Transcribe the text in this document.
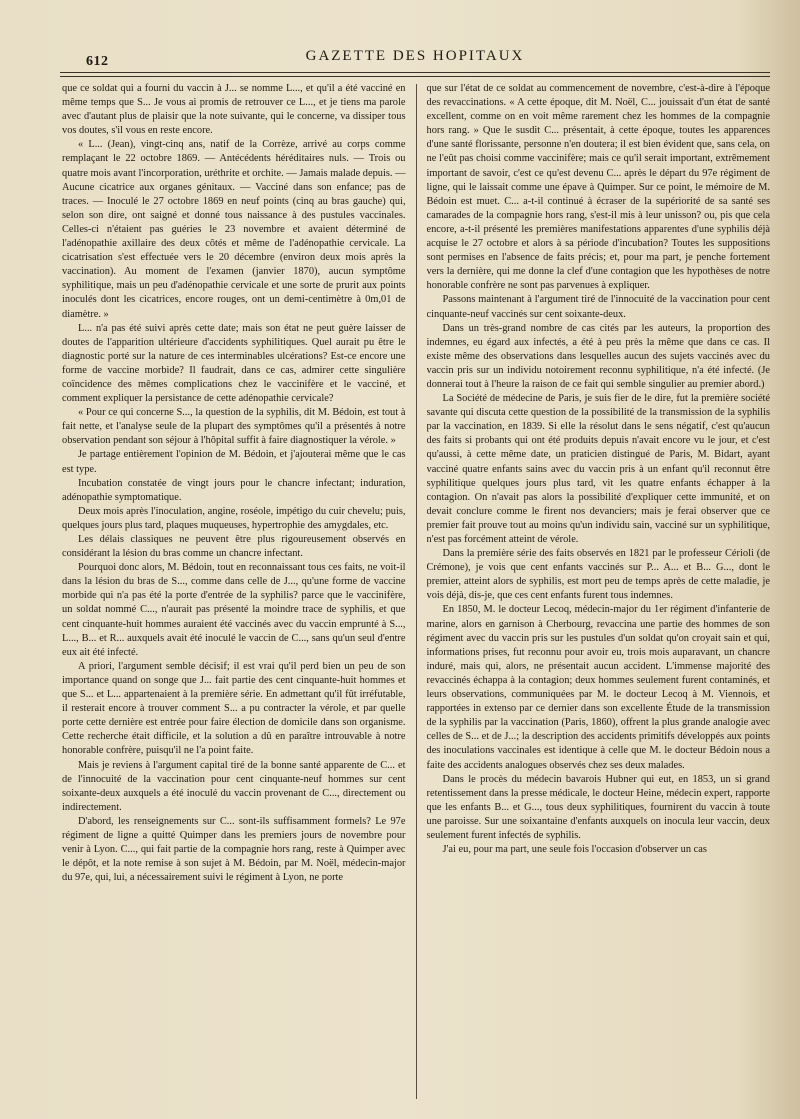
612	GAZETTE DES HOPITAUX

que ce soldat qui a fourni du vaccin à J... se nomme L..., et qu'il a été vacciné en même temps que S... Je vous ai promis de retrouver ce L..., et je tiens ma parole avec d'autant plus de plaisir que la note suivante, qui le concerne, va dissiper tous vos doutes, s'il vous en reste encore.

« L... (Jean), vingt-cinq ans, natif de la Corrèze, arrivé au corps comme remplaçant le 22 octobre 1869. — Antécédents héréditaires nuls. — Trois ou quatre mois avant l'incorporation, uréthrite et orchite. — Jamais malade depuis. — Aucune cicatrice aux organes génitaux. — Vacciné dans son enfance; pas de traces. — Inoculé le 27 octobre 1869 en neuf points (cinq au bras gauche) qui, selon son dire, ont saigné et donné tous naissance à des pustules vaccinales. Celles-ci n'étaient pas guéries le 23 novembre et avaient déterminé de l'adénopathie axillaire des deux côtés et même de l'adénopathie cervicale. La cicatrisation s'est effectuée vers le 20 décembre (environ deux mois après la vaccination). Au moment de l'examen (janvier 1870), aucun symptôme syphilitique, mais un peu d'adénopathie cervicale et une sorte de prurit aux points inoculés dont les cicatrices, encore rouges, ont un demi-centimètre à 0m,01 de diamètre. »

L... n'a pas été suivi après cette date; mais son état ne peut guère laisser de doutes de l'apparition ultérieure d'accidents syphilitiques. Quel aurait pu être le diagnostic porté sur la nature de ces interminables ulcérations? Est-ce encore une forme de vaccine morbide? Il faudrait, dans ce cas, admirer cette singulière coïncidence des mêmes complications chez le vaccinifère et le vacciné, et comment expliquer la persistance de cette adénopathie cervicale?

« Pour ce qui concerne S..., la question de la syphilis, dit M. Bédoin, est tout à fait nette, et l'analyse seule de la plupart des symptômes qu'il a présentés à notre observation pendant son séjour à l'hôpital suffit à faire diagnostiquer la vérole. »

Je partage entièrement l'opinion de M. Bédoin, et j'ajouterai même que le cas est type.

Incubation constatée de vingt jours pour le chancre infectant; induration, adénopathie symptomatique.

Deux mois après l'inoculation, angine, roséole, impétigo du cuir chevelu; puis, quelques jours plus tard, plaques muqueuses, hypertrophie des amygdales, etc.

Les délais classiques ne peuvent être plus rigoureusement observés en considérant la lésion du bras comme un chancre infectant.

Pourquoi donc alors, M. Bédoin, tout en reconnaissant tous ces faits, ne voit-il dans la lésion du bras de S..., comme dans celle de J..., qu'une forme de vaccine morbide qui n'a pas été la porte d'entrée de la syphilis? parce que le vaccinifère, un soldat nommé C..., n'aurait pas présenté la moindre trace de syphilis, et que cent cinquante-huit hommes auraient été vaccinés avec du vaccin emprunté à S..., L..., B... et R... auxquels avait été inoculé le vaccin de C..., sans qu'un seul d'entre eux ait été infecté.

A priori, l'argument semble décisif; il est vrai qu'il perd bien un peu de son importance quand on songe que J... fait partie des cent cinquante-huit hommes et que S... et L... appartenaient à la première série. En admettant qu'il fût irréfutable, il resterait encore à trouver comment S... a pu contracter la vérole, et par quelle porte cette dernière est entrée pour faire élection de domicile dans son organisme. Cette recherche était difficile, et la solution a dû en paraître introuvable à notre honorable confrère, puisqu'il ne l'a point faite.

Mais je reviens à l'argument capital tiré de la bonne santé apparente de C... et de l'innocuité de la vaccination pour cent cinquante-neuf hommes sur cent soixante-deux auxquels a été inoculé du vaccin provenant de C..., directement ou indirectement.

D'abord, les renseignements sur C... sont-ils suffisamment formels? Le 97e régiment de ligne a quitté Quimper dans les premiers jours de novembre pour venir à Lyon. C..., qui fait partie de la compagnie hors rang, reste à Quimper avec le dépôt, et la note remise à son sujet à M. Bédoin, par M. Noël, médecin-major du 97e, qui, lui, a nécessairement suivi le régiment à Lyon, ne porte

que sur l'état de ce soldat au commencement de novembre, c'est-à-dire à l'époque des revaccinations. « A cette époque, dit M. Noël, C... jouissait d'un état de santé excellent, comme on en voit même rarement chez les hommes de la compagnie hors rang. » Que le susdit C... présentait, à cette époque, toutes les apparences d'une santé florissante, personne n'en doutera; il est bien évident que, sans cela, on ne l'eût pas choisi comme vaccinifère; mais ce qu'il serait important, extrêmement important de savoir, c'est ce qu'est devenu C... après le départ du 97e régiment de ligne, qui le laissait comme une épave à Quimper. Sur ce point, le mémoire de M. Bédoin est muet. C... a-t-il continué à écraser de la supériorité de sa santé ses camarades de la compagnie hors rang, s'est-il mis à leur unisson? ou, pis que cela encore, a-t-il présenté les premières manifestations apparentes d'une syphilis déjà acquise le 27 octobre et alors à sa période d'incubation? Toutes les suppositions sont permises en l'absence de faits précis; et, pour ma part, je penche fortement vers la dernière, qui me donne la clef d'une contagion que les hypothèses de notre honorable confrère ne sont pas parvenues à expliquer.

Passons maintenant à l'argument tiré de l'innocuité de la vaccination pour cent cinquante-neuf vaccinés sur cent soixante-deux.

Dans un très-grand nombre de cas cités par les auteurs, la proportion des indemnes, eu égard aux infectés, a été à peu près la même que dans ce cas. Il existe même des observations dans lesquelles aucun des sujets vaccinés avec du vaccin pris sur un individu notoirement reconnu syphilitique, n'a été infecté. (Je donnerai tout à l'heure la raison de ce fait qui semble singulier au premier abord.)

La Société de médecine de Paris, je suis fier de le dire, fut la première société savante qui discuta cette question de la possibilité de la transmission de la syphilis par la vaccination, en 1839. Si elle la résolut dans le sens négatif, c'est qu'aucun des faits si probants qui ont été produits depuis n'avait encore vu le jour, et c'est qu'aussi, à cette même date, un praticien distingué de Paris, M. Bidart, ayant vacciné quatre enfants sains avec du vaccin pris à un enfant qu'il reconnut être syphilitique quelques jours plus tard, vit les quatre enfants échapper à la contagion. On n'avait pas alors la possibilité d'expliquer cette immunité, et on devait conclure comme le firent nos devanciers; mais je ferai observer que ce premier fait prouve tout au moins qu'un individu sain, vacciné sur un syphilitique, n'est pas forcément atteint de vérole.

Dans la première série des faits observés en 1821 par le professeur Cérioli (de Crémone), je vois que cent enfants vaccinés sur P... A... et B... G..., dont le premier, atteint alors de syphilis, est mort peu de temps après de cette maladie, je vois déjà, dis-je, que ces cent enfants furent tous indemnes.

En 1850, M. le docteur Lecoq, médecin-major du 1er régiment d'infanterie de marine, alors en garnison à Cherbourg, revaccina une partie des hommes de son régiment avec du vaccin pris sur les pustules d'un soldat qu'on croyait sain et qui, informations prises, fut reconnu pour avoir eu, trois mois auparavant, un chancre induré, mais qui, alors, ne présentait aucun accident. L'immense majorité des revaccinés échappa à la contagion; deux hommes seulement furent contaminés, et leurs observations, communiquées par M. le docteur Lecoq à M. Viennois, et rapportées in extenso par ce dernier dans son excellente Étude de la transmission de la syphilis par la vaccination (Paris, 1860), offrent la plus grande analogie avec celles de S... et de J...; la description des accidents primitifs développés aux points des inoculations vaccinales est identique à celle que M. le docteur Bédoin nous a faite des accidents analogues observés chez ses deux malades.

Dans le procès du médecin bavarois Hubner qui eut, en 1853, un si grand retentissement dans la presse médicale, le docteur Heine, médecin expert, rapporte que les enfants B... et G..., tous deux syphilitiques, fournirent du vaccin à toute une paroisse. Sur une soixantaine d'enfants auxquels on inocula leur vaccin, deux seulement furent infectés de syphilis.

J'ai eu, pour ma part, une seule fois l'occasion d'observer un cas
